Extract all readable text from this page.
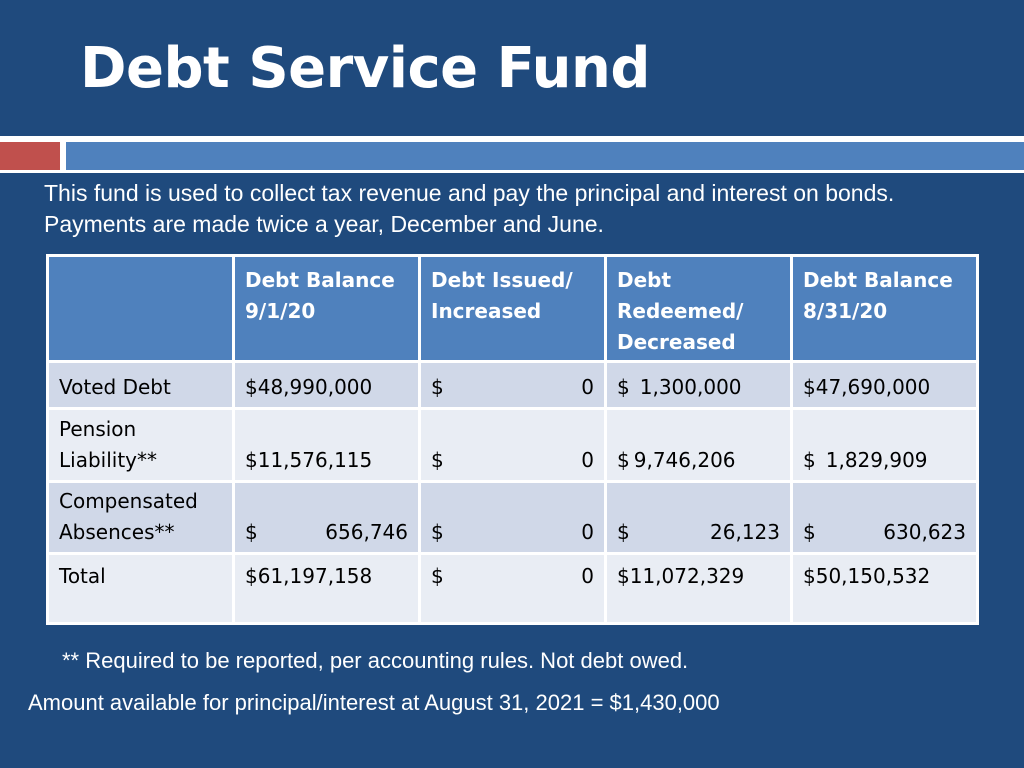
Debt Service Fund
This fund is used to collect tax revenue and pay the principal and interest on bonds. Payments are made twice a year, December and June.
	Debt Balance 9/1/20	Debt Issued/ Increased	Debt Redeemed/ Decreased	Debt Balance 8/31/20
Voted Debt	$48,990,000	$ 0	$ 1,300,000	$47,690,000
Pension Liability**	$11,576,115	$ 0	$ 9,746,206	$ 1,829,909
Compensated Absences**	$ 656,746	$ 0	$ 26,123	$ 630,623

Total	$61,197,158	$ 0	$11,072,329	$50,150,532
** Required to be reported, per accounting rules. Not debt owed.
Amount available for principal/interest at August 31, 2021 = $1,430,000
